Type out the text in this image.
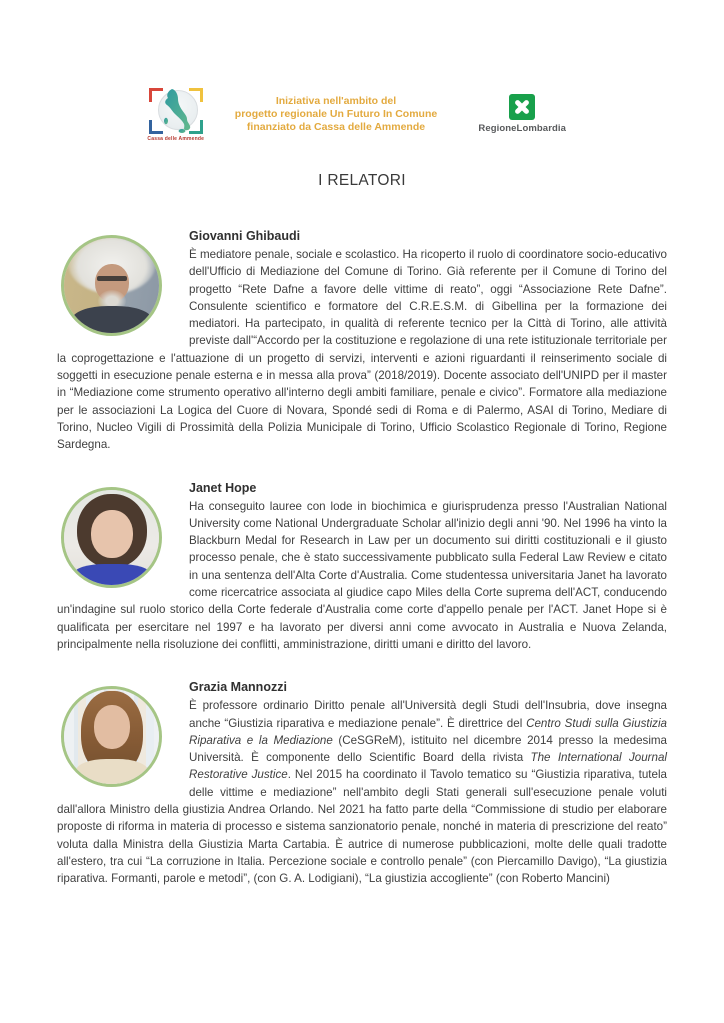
Cassa delle Ammende
Iniziativa nell'ambito del
progetto regionale Un Futuro In Comune
finanziato da Cassa delle Ammende	RegioneLombardia
I RELATORI
Giovanni Ghibaudi

È mediatore penale, sociale e scolastico. Ha ricoperto il ruolo di coordinatore socio-educativo dell'Ufficio di Mediazione del Comune di Torino. Già referente per il Comune di Torino del progetto “Rete Dafne a favore delle vittime di reato”, oggi “Associazione Rete Dafne”. Consulente scientifico e formatore del C.R.E.S.M. di Gibellina per la formazione dei mediatori. Ha partecipato, in qualità di referente tecnico per la Città di Torino, alle attività previste dall'“Accordo per la costituzione e regolazione di una rete istituzionale territoriale per la coprogettazione e l'attuazione di un progetto di servizi, interventi e azioni riguardanti il reinserimento sociale di soggetti in esecuzione penale esterna e in messa alla prova” (2018/2019). Docente associato dell'UNIPD per il master in “Mediazione come strumento operativo all'interno degli ambiti familiare, penale e civico”. Formatore alla mediazione per le associazioni La Logica del Cuore di Novara, Spondé sedi di Roma e di Palermo, ASAI di Torino, Mediare di Torino, Nucleo Vigili di Prossimità della Polizia Municipale di Torino, Ufficio Scolastico Regionale di Torino, Regione Sardegna.

Janet Hope

Ha conseguito lauree con lode in biochimica e giurisprudenza presso l'Australian National University come National Undergraduate Scholar all'inizio degli anni '90. Nel 1996 ha vinto la Blackburn Medal for Research in Law per un documento sui diritti costituzionali e il giusto processo penale, che è stato successivamente pubblicato sulla Federal Law Review e citato in una sentenza dell'Alta Corte d'Australia. Come studentessa universitaria Janet ha lavorato come ricercatrice associata al giudice capo Miles della Corte suprema dell'ACT, conducendo un'indagine sul ruolo storico della Corte federale d'Australia come corte d'appello penale per l'ACT. Janet Hope si è qualificata per esercitare nel 1997 e ha lavorato per diversi anni come avvocato in Australia e Nuova Zelanda, principalmente nella risoluzione dei conflitti, amministrazione, diritti umani e diritto del lavoro.

Grazia Mannozzi

È professore ordinario Diritto penale all'Università degli Studi dell'Insubria, dove insegna anche “Giustizia riparativa e mediazione penale”. È direttrice del Centro Studi sulla Giustizia Riparativa e la Mediazione (CeSGReM), istituito nel dicembre 2014 presso la medesima Università. È componente dello Scientific Board della rivista The International Journal Restorative Justice. Nel 2015 ha coordinato il Tavolo tematico su “Giustizia riparativa, tutela delle vittime e mediazione” nell'ambito degli Stati generali sull'esecuzione penale voluti dall'allora Ministro della giustizia Andrea Orlando. Nel 2021 ha fatto parte della “Commissione di studio per elaborare proposte di riforma in materia di processo e sistema sanzionatorio penale, nonché in materia di prescrizione del reato” voluta dalla Ministra della Giustizia Marta Cartabia. È autrice di numerose pubblicazioni, molte delle quali tradotte all'estero, tra cui “La corruzione in Italia. Percezione sociale e controllo penale” (con Piercamillo Davigo), “La giustizia riparativa. Formanti, parole e metodi”, (con G. A. Lodigiani), “La giustizia accogliente” (con Roberto Mancini)
